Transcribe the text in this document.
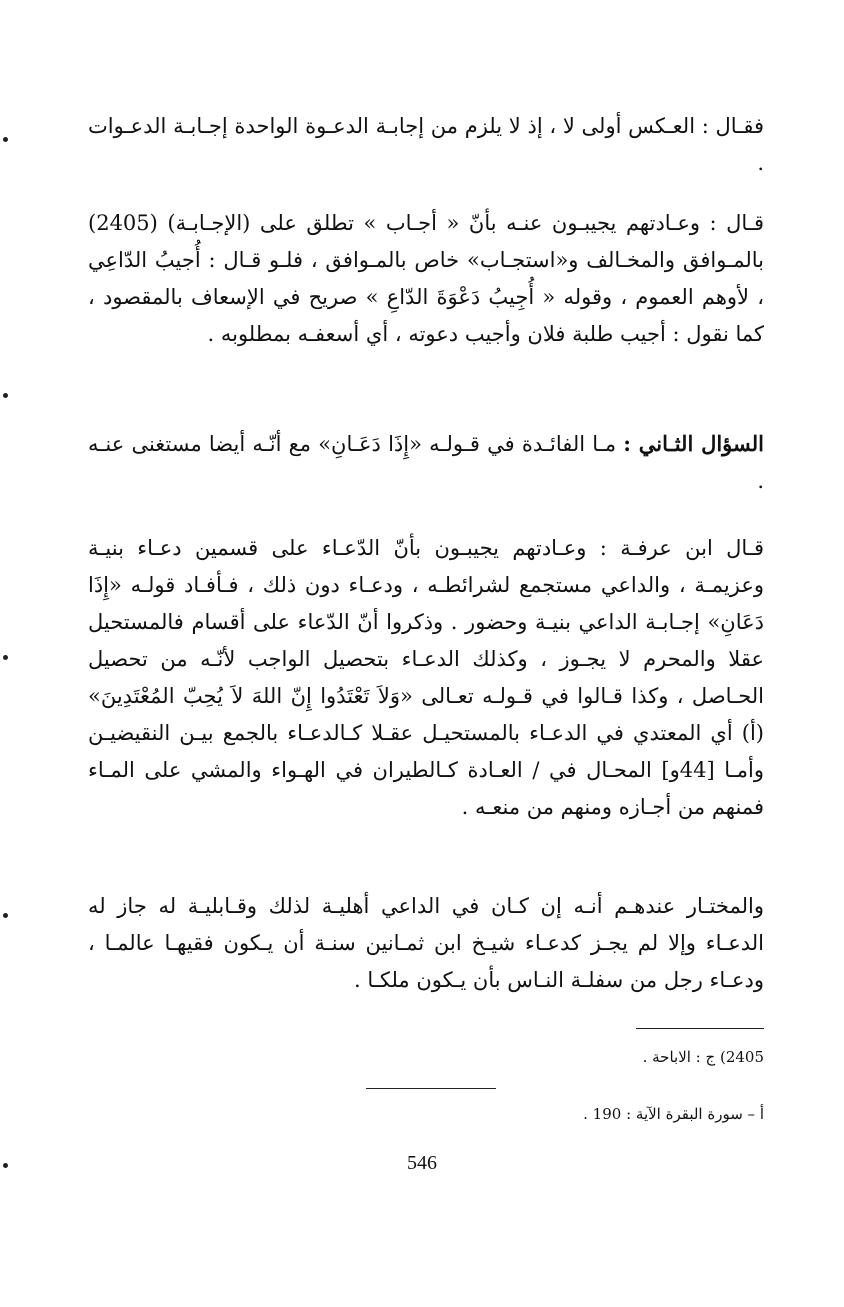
فقـال : العـكس أولى لا ، إذ لا يلزم من إجابـة الدعـوة الواحدة إجـابـة الدعـوات .
قـال : وعـادتهم يجيبـون عنـه بأنّ « أجـاب » تطلق على (الإجـابـة) (2405) بالمـوافق والمخـالف و«استجـاب» خاص بالمـوافق ، فلـو قـال : أُجيبُ الدّاعِي ، لأوهم العموم ، وقوله « أُجِيبُ دَعْوَةَ الدّاعِ » صريح في الإسعاف بالمقصود ، كما نقول : أجيب طلبة فلان وأجيب دعوته ، أي أسعفـه بمطلوبه .
السؤال الثـاني : مـا الفائـدة في قـولـه «إِذَا دَعَـانِ» مع أنّـه أيضا مستغنى عنـه .
قـال ابن عرفـة : وعـادتهم يجيبـون بأنّ الدّعـاء على قسمين دعـاء بنيـة وعزيمـة ، والداعي مستجمع لشرائطـه ، ودعـاء دون ذلك ، فـأفـاد قولـه «إِذَا دَعَانِ» إجـابـة الداعي بنيـة وحضور . وذكروا أنّ الدّعاء على أقسام فالمستحيل عقلا والمحرم لا يجـوز ، وكذلك الدعـاء بتحصيل الواجب لأنّـه من تحصيل الحـاصل ، وكذا قـالوا في قـولـه تعـالى «وَلاَ تَعْتَدُوا إِنّ اللهَ لاَ يُحِبّ المُعْتَدِينَ» (أ) أي المعتدي في الدعـاء بالمستحيـل عقـلا كـالدعـاء بالجمع بيـن النقيضيـن وأمـا [44و] المحـال في / العـادة كـالطيران في الهـواء والمشي على المـاء فمنهم من أجـازه ومنهم من منعـه .
والمختـار عندهـم أنـه إن كـان في الداعي أهليـة لذلك وقـابليـة له جاز له الدعـاء وإلا لم يجـز كدعـاء شيـخ ابن ثمـانين سنـة أن يـكون فقيهـا عالمـا ، ودعـاء رجل من سفلـة النـاس بأن يـكون ملكـا .
2405) ج : الاباحة .
أ – سورة البقرة الآية : 190 .
546
